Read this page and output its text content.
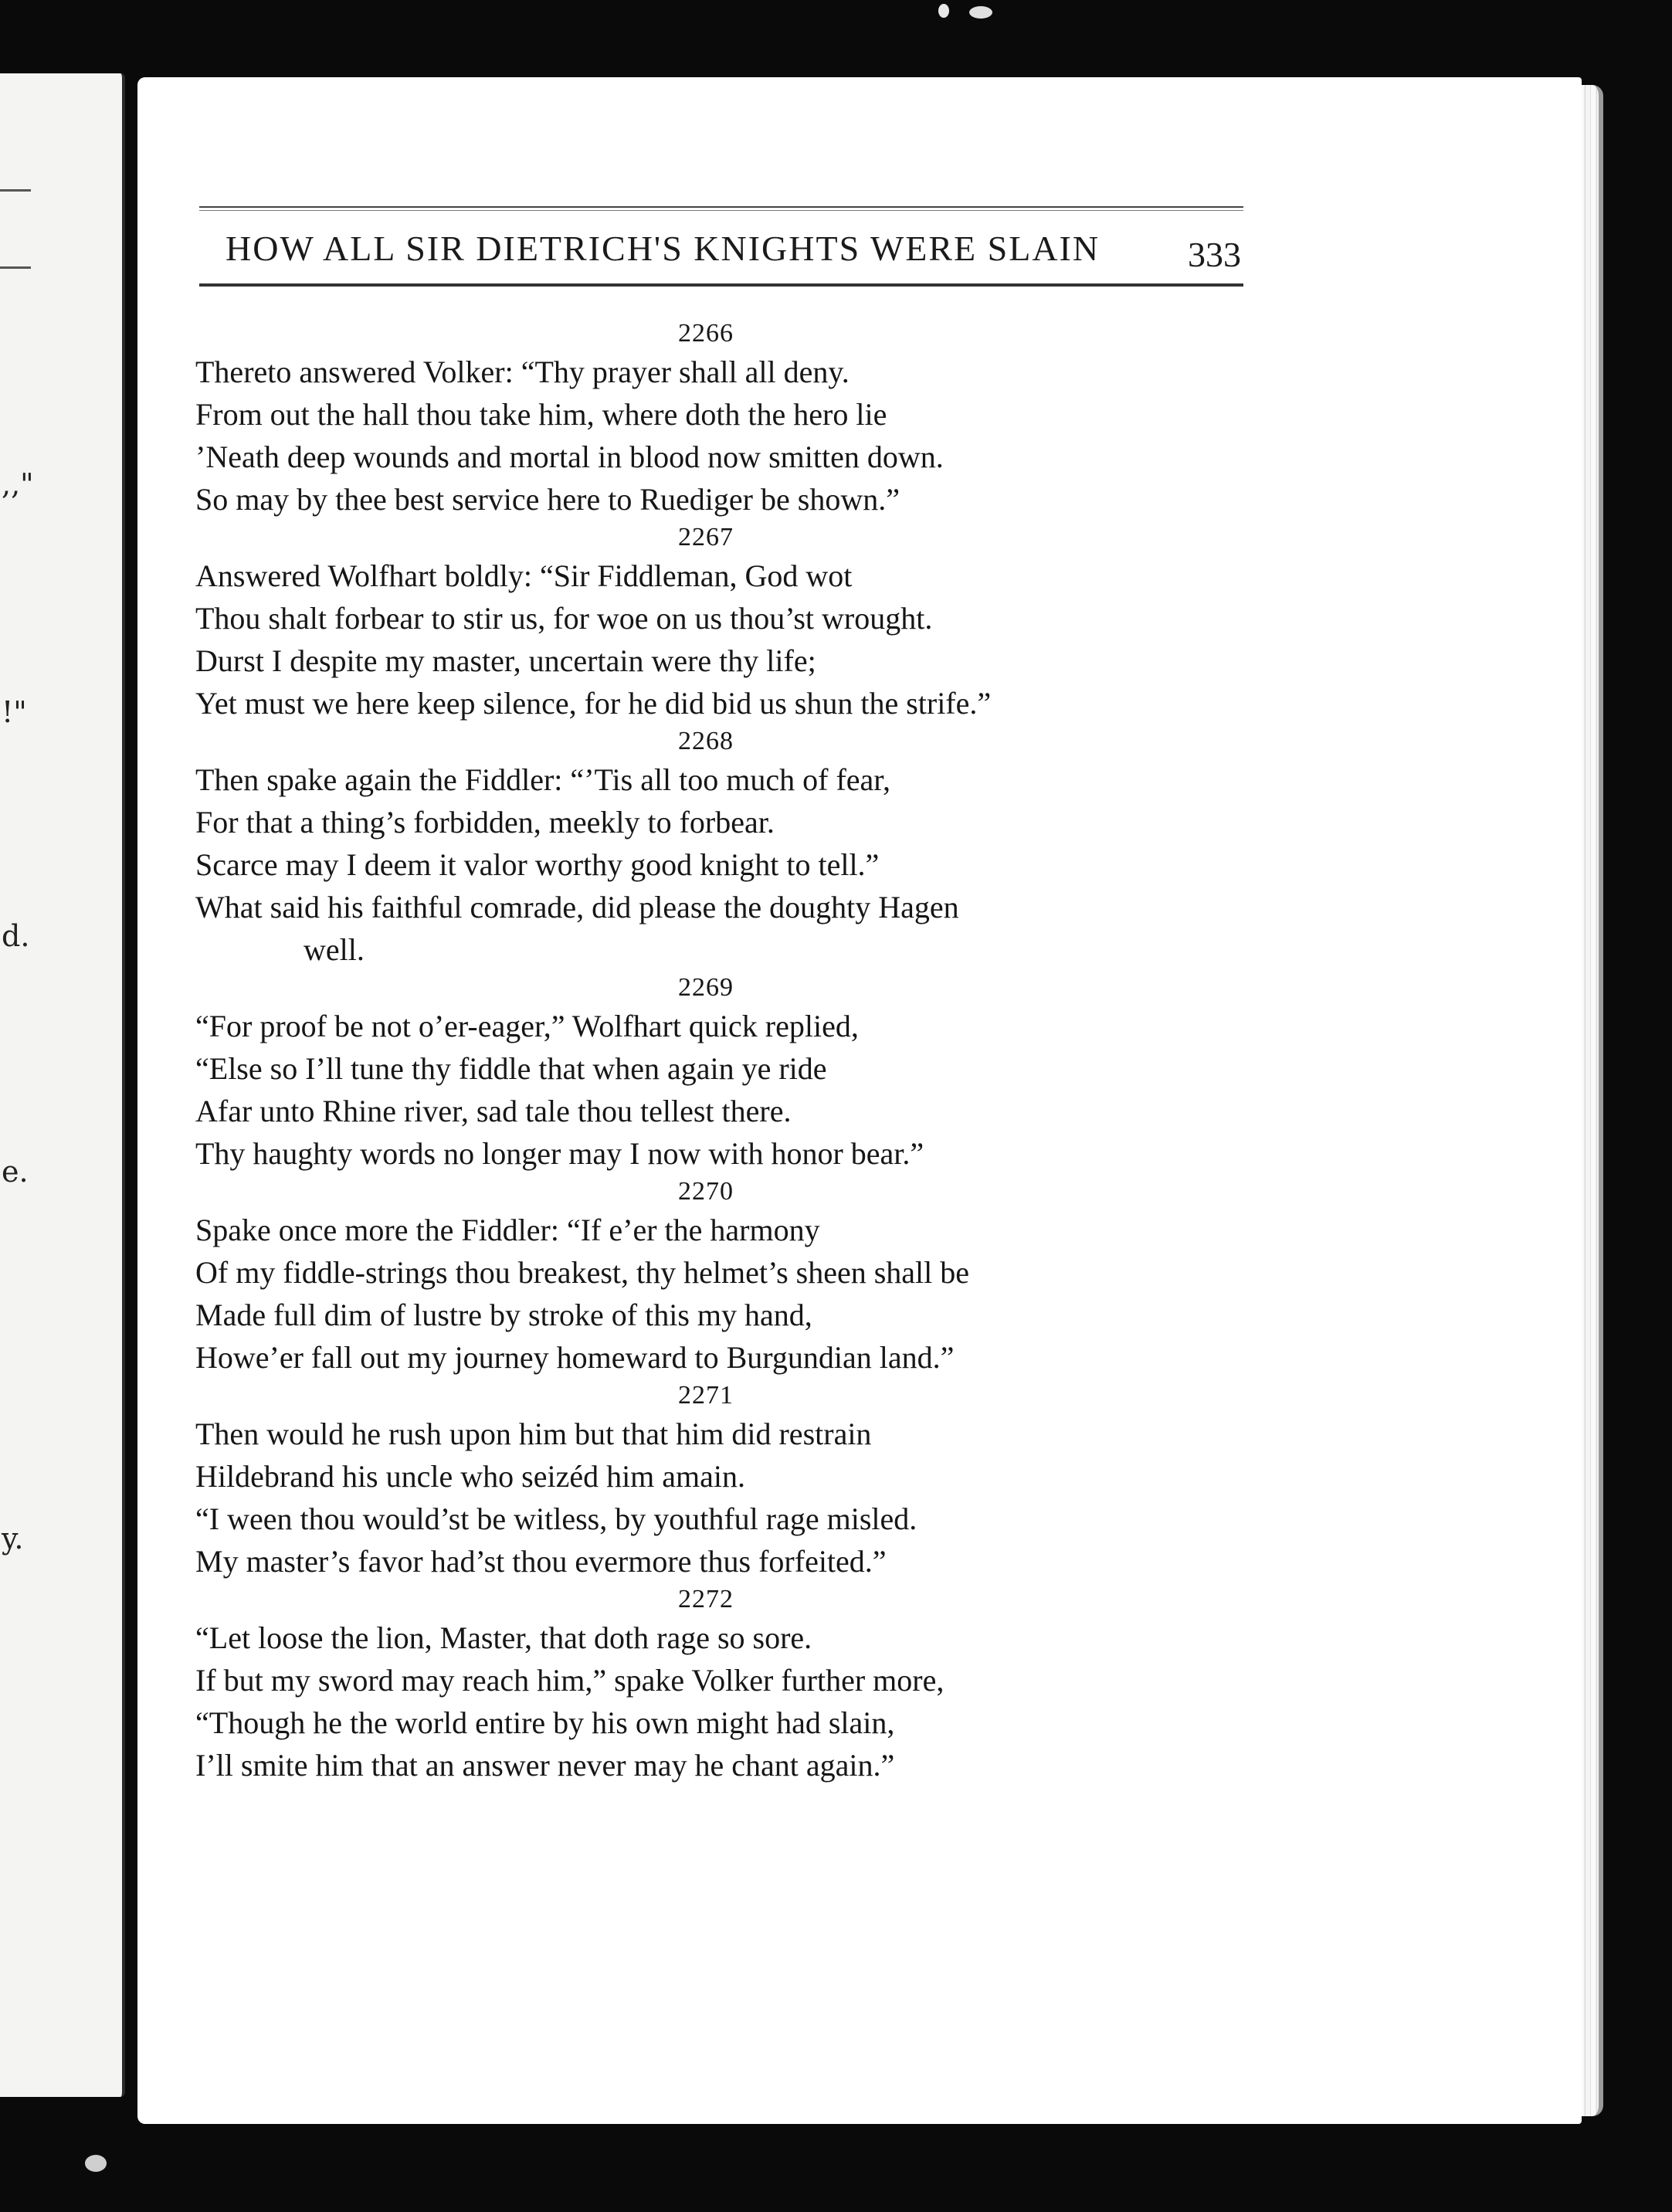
,,"
!"
d.
e.
y.
HOW ALL SIR DIETRICH'S KNIGHTS WERE SLAIN 333
2266
Thereto answered Volker: “Thy prayer shall all deny.
From out the hall thou take him, where doth the hero lie
’Neath deep wounds and mortal in blood now smitten down.
So may by thee best service here to Ruediger be shown.”
2267
Answered Wolfhart boldly: “Sir Fiddleman, God wot
Thou shalt forbear to stir us, for woe on us thou’st wrought.
Durst I despite my master, uncertain were thy life;
Yet must we here keep silence, for he did bid us shun the strife.”
2268
Then spake again the Fiddler: “’Tis all too much of fear,
For that a thing’s forbidden, meekly to forbear.
Scarce may I deem it valor worthy good knight to tell.”
What said his faithful comrade, did please the doughty Hagen
well.
2269
“For proof be not o’er-eager,” Wolfhart quick replied,
“Else so I’ll tune thy fiddle that when again ye ride
Afar unto Rhine river, sad tale thou tellest there.
Thy haughty words no longer may I now with honor bear.”
2270
Spake once more the Fiddler: “If e’er the harmony
Of my fiddle-strings thou breakest, thy helmet’s sheen shall be
Made full dim of lustre by stroke of this my hand,
Howe’er fall out my journey homeward to Burgundian land.”
2271
Then would he rush upon him but that him did restrain
Hildebrand his uncle who seizéd him amain.
“I ween thou would’st be witless, by youthful rage misled.
My master’s favor had’st thou evermore thus forfeited.”
2272
“Let loose the lion, Master, that doth rage so sore.
If but my sword may reach him,” spake Volker further more,
“Though he the world entire by his own might had slain,
I’ll smite him that an answer never may he chant again.”
